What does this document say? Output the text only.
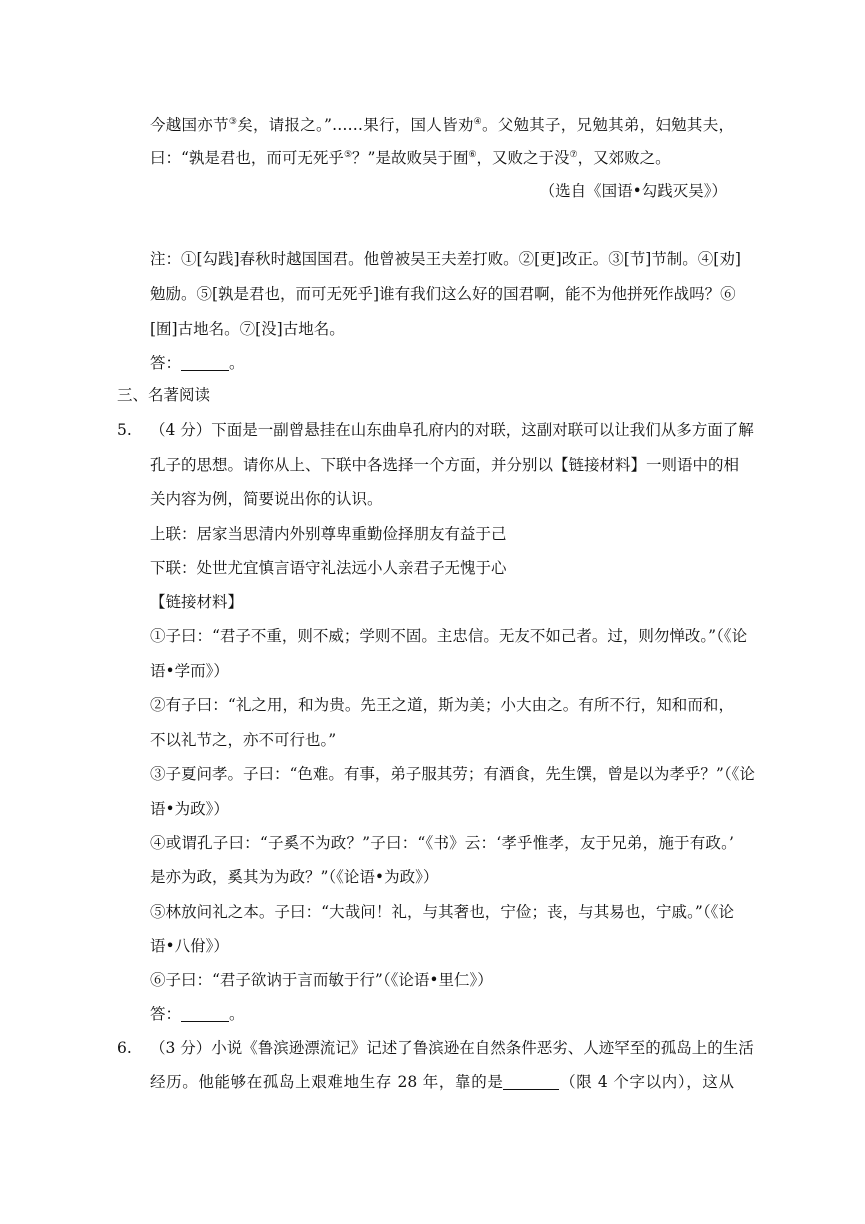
今越国亦节③矣，请报之。”……果行，国人皆劝④。父勉其子，兄勉其弟，妇勉其夫，
曰：“孰是君也，而可无死乎⑤？”是故败吴于囿⑥，又败之于没⑦，又郊败之。
（选自《国语•勾践灭吴》）
注：①[勾践]春秋时越国国君。他曾被吴王夫差打败。②[更]改正。③[节]节制。④[劝]
勉励。⑤[孰是君也，而可无死乎]谁有我们这么好的国君啊，能不为他拼死作战吗？⑥
[囿]古地名。⑦[没]古地名。
答：	。
三、名著阅读
5. （4 分）下面是一副曾悬挂在山东曲阜孔府内的对联，这副对联可以让我们从多方面了解
孔子的思想。请你从上、下联中各选择一个方面，并分别以【链接材料】一则语中的相
关内容为例，简要说出你的认识。
上联：居家当思清内外别尊卑重勤俭择朋友有益于己
下联：处世尤宜慎言语守礼法远小人亲君子无愧于心
【链接材料】
①子曰：“君子不重，则不威；学则不固。主忠信。无友不如己者。过，则勿惮改。”（《论
语•学而》）
②有子曰：“礼之用，和为贵。先王之道，斯为美；小大由之。有所不行，知和而和，
不以礼节之，亦不可行也。”
③子夏问孝。子曰：“色难。有事，弟子服其劳；有酒食，先生馔，曾是以为孝乎？”（《论
语•为政》）
④或谓孔子曰：“子奚不为政？”子曰：“《书》云：‘孝乎惟孝，友于兄弟，施于有政。’
是亦为政，奚其为为政？”（《论语•为政》）
⑤林放问礼之本。子曰：“大哉问！礼，与其奢也，宁俭；丧，与其易也，宁戚。”（《论
语•八佾》）
⑥子曰：“君子欲讷于言而敏于行”（《论语•里仁》）
答：	。
6. （3 分）小说《鲁滨逊漂流记》记述了鲁滨逊在自然条件恶劣、人迹罕至的孤岛上的生活
经历。他能够在孤岛上艰难地生存 28 年，靠的是	（限 4 个字以内），这从
